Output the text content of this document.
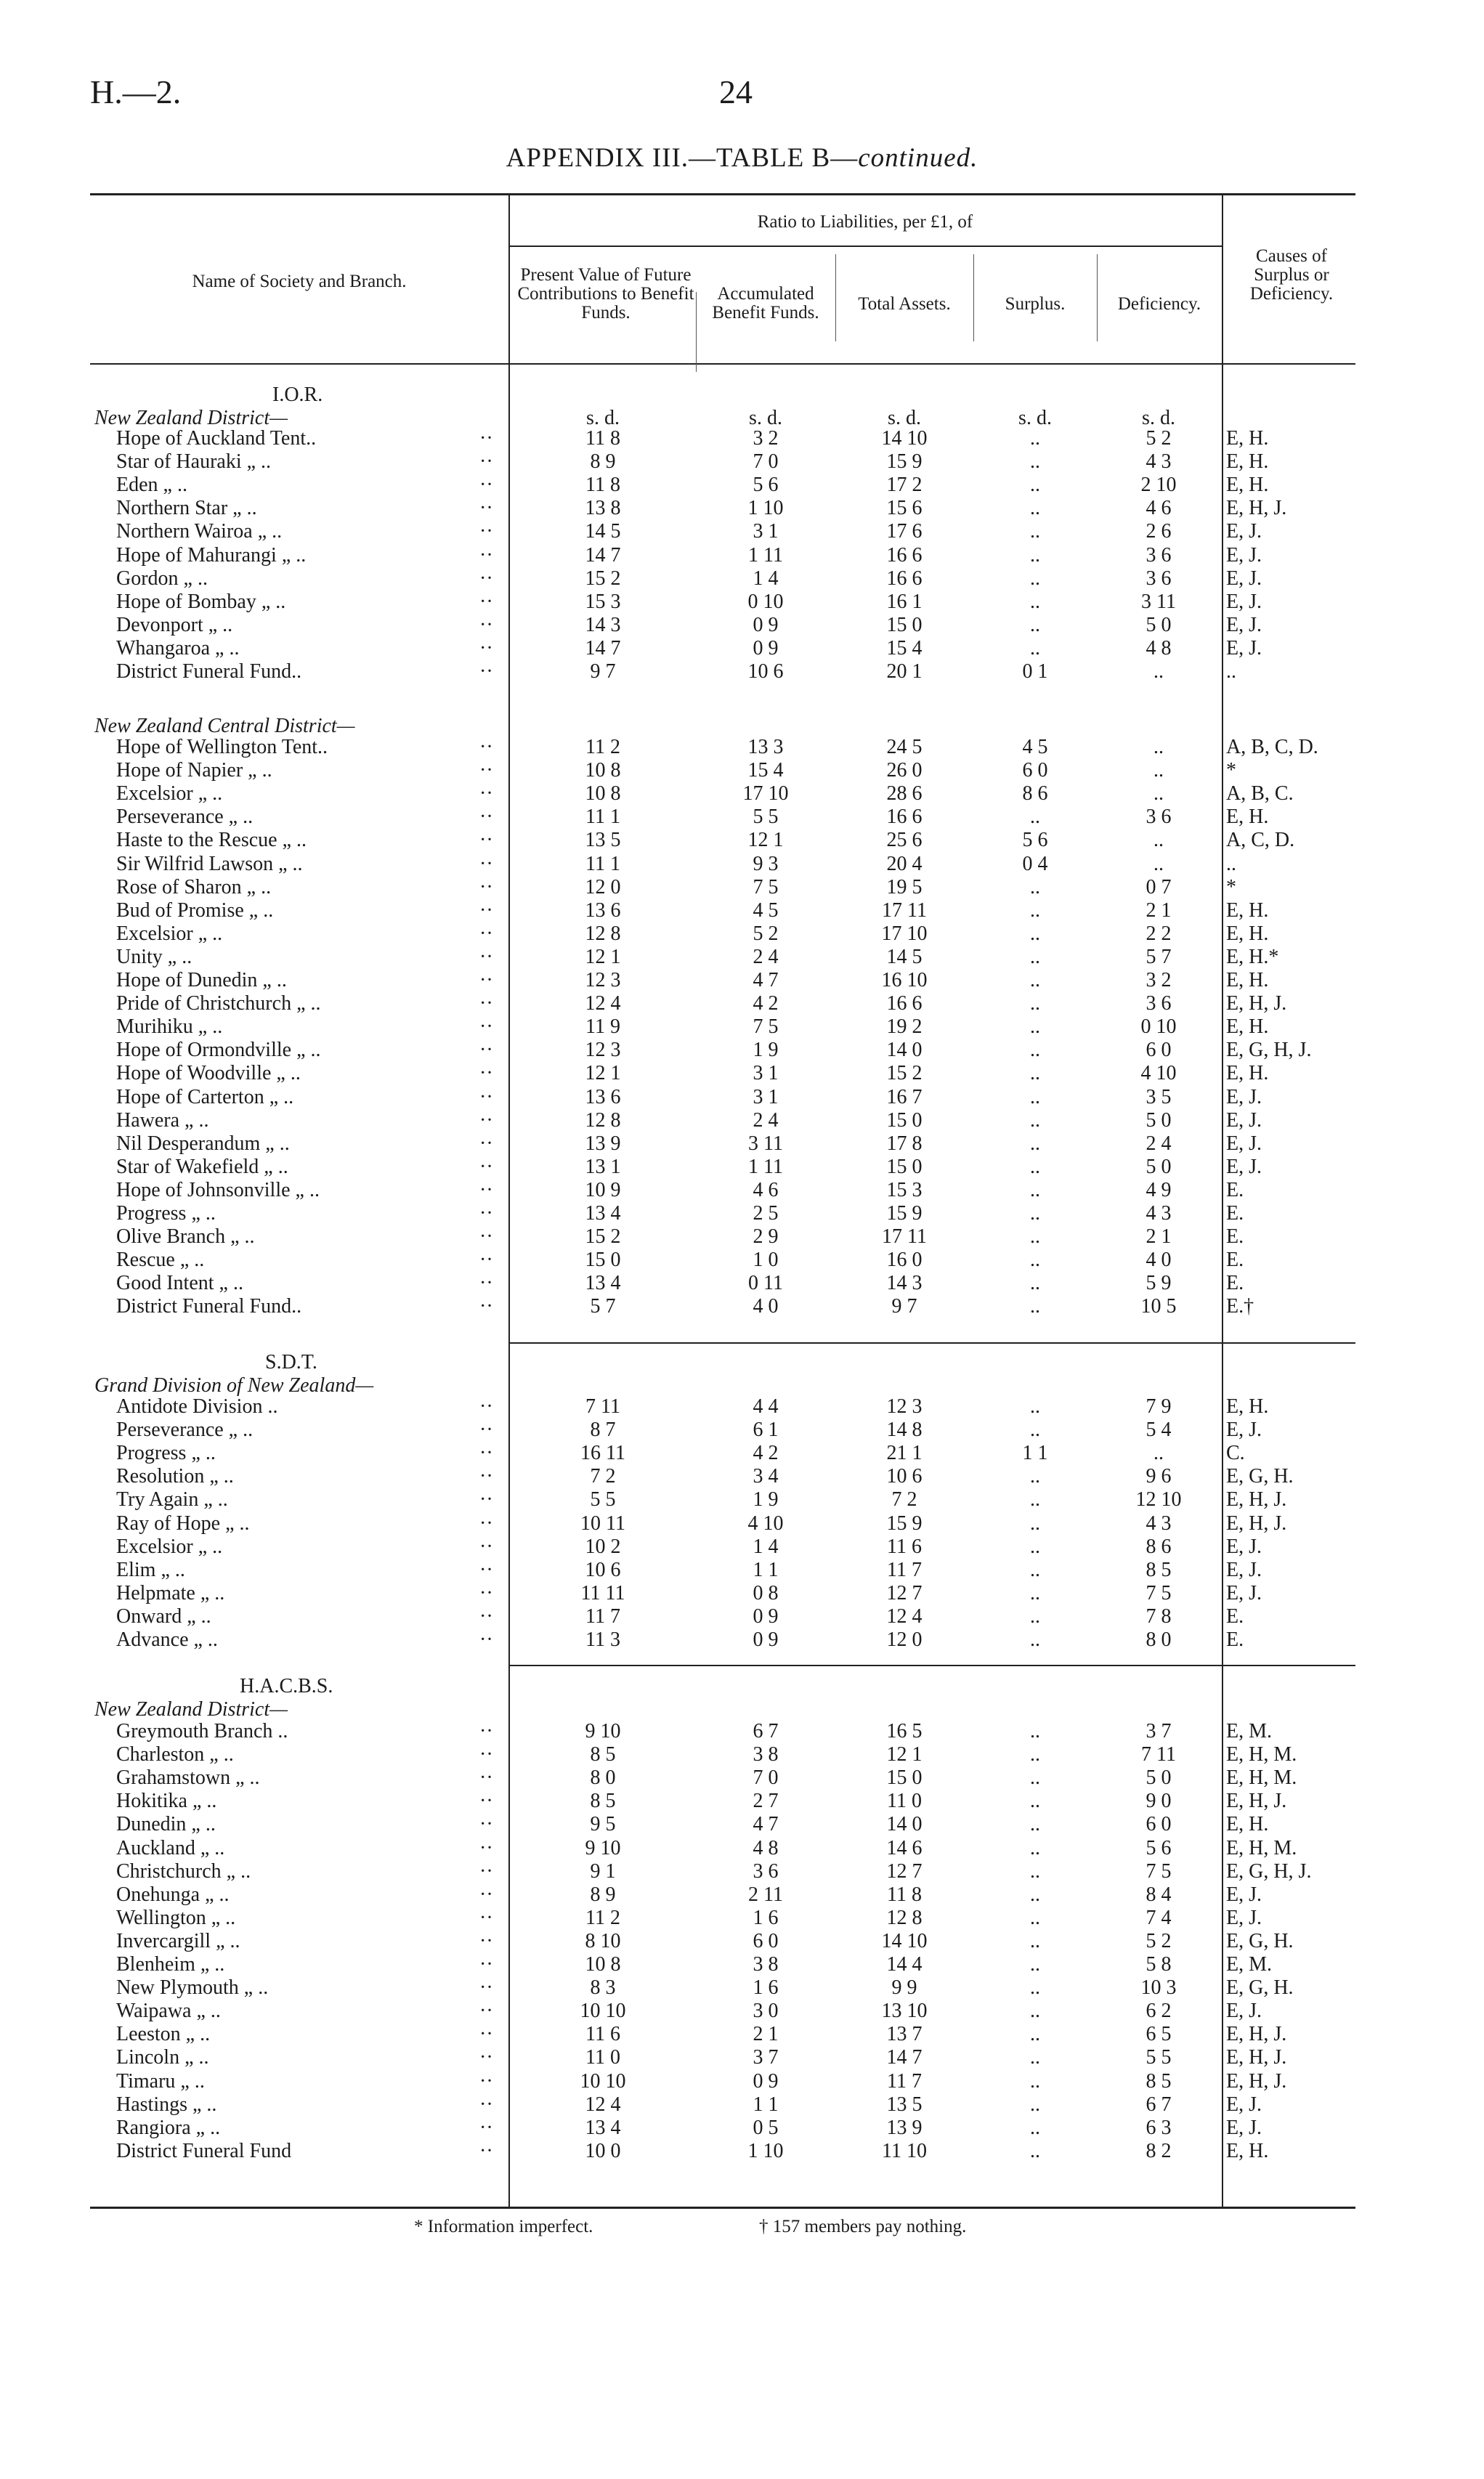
H.—2.	24
APPENDIX III.—TABLE B—continued.
Name of Society and Branch.
Ratio to Liabilities, per £1, of
Present Value of Future Contributions to Benefit Funds.
Accumulated Benefit Funds.	Total Assets.	Surplus.	Deficiency.
Causes of Surplus or Deficiency.
s. d.	s. d.	s. d.	s. d.	s. d.
I.O.R.
New Zealand District—
New Zealand Central District—
S.D.T.
Grand Division of New Zealand—
H.A.C.B.S.
New Zealand District—
Hope of Auckland Tent..	··	11 8	3 2	14 10	..	5 2	E, H.
Star of Hauraki „ ..	··	8 9	7 0	15 9	..	4 3	E, H.
Eden „ ..	··	11 8	5 6	17 2	..	2 10	E, H.
Northern Star „ ..	··	13 8	1 10	15 6	..	4 6	E, H, J.
Northern Wairoa „ ..	··	14 5	3 1	17 6	..	2 6	E, J.
Hope of Mahurangi „ ..	··	14 7	1 11	16 6	..	3 6	E, J.
Gordon „ ..	··	15 2	1 4	16 6	..	3 6	E, J.
Hope of Bombay „ ..	··	15 3	0 10	16 1	..	3 11	E, J.
Devonport „ ..	··	14 3	0 9	15 0	..	5 0	E, J.
Whangaroa „ ..	··	14 7	0 9	15 4	..	4 8	E, J.
District Funeral Fund..	··	9 7	10 6	20 1	0 1	..	..
Hope of Wellington Tent..	··	11 2	13 3	24 5	4 5	..	A, B, C, D.
Hope of Napier „ ..	··	10 8	15 4	26 0	6 0	..	*
Excelsior „ ..	··	10 8	17 10	28 6	8 6	..	A, B, C.
Perseverance „ ..	··	11 1	5 5	16 6	..	3 6	E, H.
Haste to the Rescue „ ..	··	13 5	12 1	25 6	5 6	..	A, C, D.
Sir Wilfrid Lawson „ ..	··	11 1	9 3	20 4	0 4	..	..
Rose of Sharon „ ..	··	12 0	7 5	19 5	..	0 7	*
Bud of Promise „ ..	··	13 6	4 5	17 11	..	2 1	E, H.
Excelsior „ ..	··	12 8	5 2	17 10	..	2 2	E, H.
Unity „ ..	··	12 1	2 4	14 5	..	5 7	E, H.*
Hope of Dunedin „ ..	··	12 3	4 7	16 10	..	3 2	E, H.
Pride of Christchurch „ ..	··	12 4	4 2	16 6	..	3 6	E, H, J.
Murihiku „ ..	··	11 9	7 5	19 2	..	0 10	E, H.
Hope of Ormondville „ ..	··	12 3	1 9	14 0	..	6 0	E, G, H, J.
Hope of Woodville „ ..	··	12 1	3 1	15 2	..	4 10	E, H.
Hope of Carterton „ ..	··	13 6	3 1	16 7	..	3 5	E, J.
Hawera „ ..	··	12 8	2 4	15 0	..	5 0	E, J.
Nil Desperandum „ ..	··	13 9	3 11	17 8	..	2 4	E, J.
Star of Wakefield „ ..	··	13 1	1 11	15 0	..	5 0	E, J.
Hope of Johnsonville „ ..	··	10 9	4 6	15 3	..	4 9	E.
Progress „ ..	··	13 4	2 5	15 9	..	4 3	E.
Olive Branch „ ..	··	15 2	2 9	17 11	..	2 1	E.
Rescue „ ..	··	15 0	1 0	16 0	..	4 0	E.
Good Intent „ ..	··	13 4	0 11	14 3	..	5 9	E.
District Funeral Fund..	··	5 7	4 0	9 7	..	10 5	E.†
Antidote Division ..	··	7 11	4 4	12 3	..	7 9	E, H.
Perseverance „ ..	··	8 7	6 1	14 8	..	5 4	E, J.
Progress „ ..	··	16 11	4 2	21 1	1 1	..	C.
Resolution „ ..	··	7 2	3 4	10 6	..	9 6	E, G, H.
Try Again „ ..	··	5 5	1 9	7 2	..	12 10	E, H, J.
Ray of Hope „ ..	··	10 11	4 10	15 9	..	4 3	E, H, J.
Excelsior „ ..	··	10 2	1 4	11 6	..	8 6	E, J.
Elim „ ..	··	10 6	1 1	11 7	..	8 5	E, J.
Helpmate „ ..	··	11 11	0 8	12 7	..	7 5	E, J.
Onward „ ..	··	11 7	0 9	12 4	..	7 8	E.
Advance „ ..	··	11 3	0 9	12 0	..	8 0	E.
Greymouth Branch ..	··	9 10	6 7	16 5	..	3 7	E, M.
Charleston „ ..	··	8 5	3 8	12 1	..	7 11	E, H, M.
Grahamstown „ ..	··	8 0	7 0	15 0	..	5 0	E, H, M.
Hokitika „ ..	··	8 5	2 7	11 0	..	9 0	E, H, J.
Dunedin „ ..	··	9 5	4 7	14 0	..	6 0	E, H.
Auckland „ ..	··	9 10	4 8	14 6	..	5 6	E, H, M.
Christchurch „ ..	··	9 1	3 6	12 7	..	7 5	E, G, H, J.
Onehunga „ ..	··	8 9	2 11	11 8	..	8 4	E, J.
Wellington „ ..	··	11 2	1 6	12 8	..	7 4	E, J.
Invercargill „ ..	··	8 10	6 0	14 10	..	5 2	E, G, H.
Blenheim „ ..	··	10 8	3 8	14 4	..	5 8	E, M.
New Plymouth „ ..	··	8 3	1 6	9 9	..	10 3	E, G, H.
Waipawa „ ..	··	10 10	3 0	13 10	..	6 2	E, J.
Leeston „ ..	··	11 6	2 1	13 7	..	6 5	E, H, J.
Lincoln „ ..	··	11 0	3 7	14 7	..	5 5	E, H, J.
Timaru „ ..	··	10 10	0 9	11 7	..	8 5	E, H, J.
Hastings „ ..	··	12 4	1 1	13 5	..	6 7	E, J.
Rangiora „ ..	··	13 4	0 5	13 9	..	6 3	E, J.
District Funeral Fund	··	10 0	1 10	11 10	..	8 2	E, H.
* Information imperfect.	† 157 members pay nothing.
